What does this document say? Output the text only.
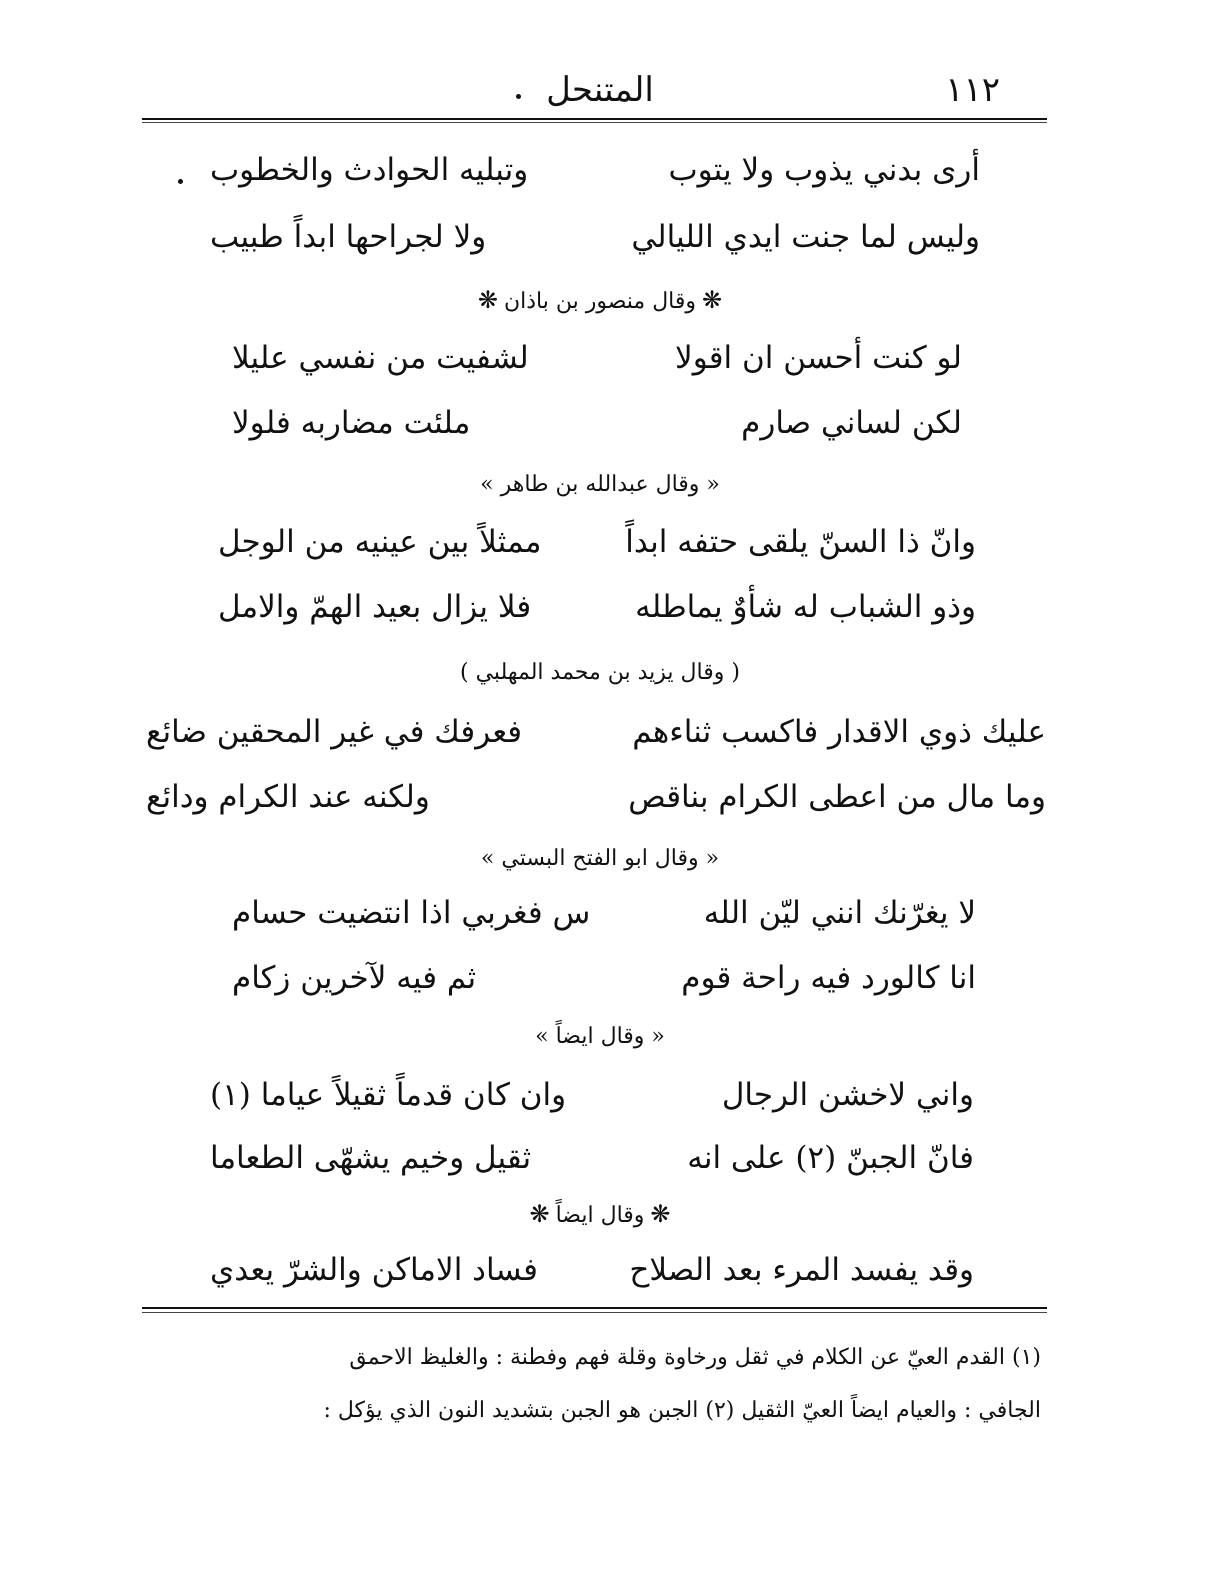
المتنحل	١١٢
أرى بدني يذوب ولا يتوب
وتبليه الحوادث والخطوب
وليس لما جنت ايدي الليالي
ولا لجراحها ابداً طبيب
❋وقال منصور بن باذان❋
لو كنت أحسن ان اقولا
لشفيت من نفسي عليلا
لكن لساني صارم
ملئت مضاربه فلولا
« وقال عبدالله بن طاهر »
وانّ ذا السنّ يلقى حتفه ابداً
ممثلاً بين عينيه من الوجل
وذو الشباب له شأوٌ يماطله
فلا يزال بعيد الهمّ والامل
( وقال يزيد بن محمد المهلبي )
عليك ذوي الاقدار فاكسب ثناءهم
فعرفك في غير المحقين ضائع
وما مال من اعطى الكرام بناقص
ولكنه عند الكرام ودائع
« وقال ابو الفتح البستي »
لا يغرّنك انني ليّن الله
س فغربي اذا انتضيت حسام
انا كالورد فيه راحة قوم
ثم فيه لآخرين زكام
« وقال ايضاً »
واني لاخشن الرجال
وان كان قدماً ثقيلاً عياما (١)
فانّ الجبنّ (٢) على انه
ثقيل وخيم يشهّى الطعاما
❋وقال ايضاً❋
وقد يفسد المرء بعد الصلاح
فساد الاماكن والشرّ يعدي
(١) القدم العيّ عن الكلام في ثقل ورخاوة وقلة فهم وفطنة : والغليظ الاحمق
الجافي : والعيام ايضاً العيّ الثقيل (٢) الجبن هو الجبن بتشديد النون الذي يؤكل :
